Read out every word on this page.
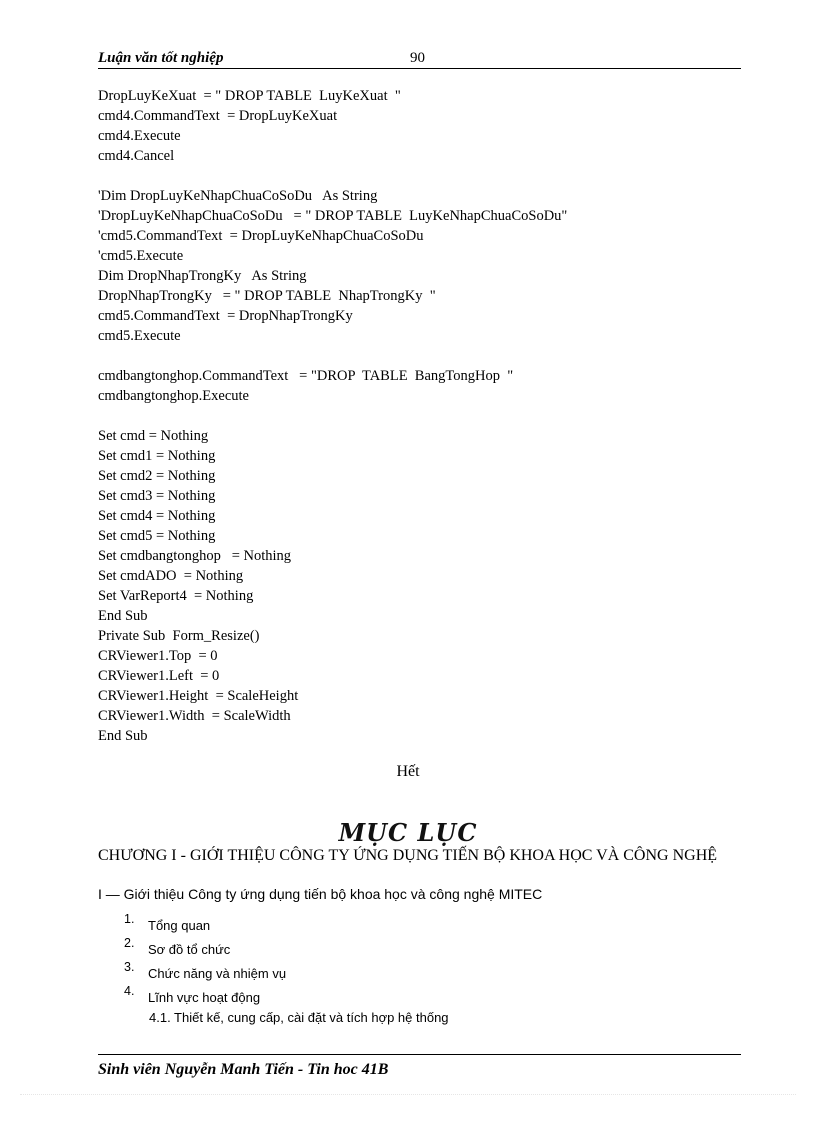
Luận văn tốt nghiệp	90
DropLuyKeXuat  = " DROP TABLE  LuyKeXuat  "
cmd4.CommandText  = DropLuyKeXuat
cmd4.Execute
cmd4.Cancel
'Dim DropLuyKeNhapChuaCoSoDu   As String
'DropLuyKeNhapChuaCoSoDu   = " DROP TABLE  LuyKeNhapChuaCoSoDu"
'cmd5.CommandText  = DropLuyKeNhapChuaCoSoDu
'cmd5.Execute
Dim DropNhapTrongKy   As String
DropNhapTrongKy   = " DROP TABLE  NhapTrongKy  "
cmd5.CommandText  = DropNhapTrongKy
cmd5.Execute
cmdbangtonghop.CommandText   = "DROP  TABLE  BangTongHop  "
cmdbangtonghop.Execute
Set cmd = Nothing
Set cmd1 = Nothing
Set cmd2 = Nothing
Set cmd3 = Nothing
Set cmd4 = Nothing
Set cmd5 = Nothing
Set cmdbangtonghop   = Nothing
Set cmdADO  = Nothing
Set VarReport4  = Nothing
End Sub
Private Sub  Form_Resize()
CRViewer1.Top  = 0
CRViewer1.Left  = 0
CRViewer1.Height  = ScaleHeight
CRViewer1.Width  = ScaleWidth
End Sub
Hết
MỤC LỤC
CHƯƠNG I - GIỚI THIỆU CÔNG TY ỨNG DỤNG TIẾN BỘ KHOA HỌC VÀ CÔNG NGHỆ
I — Giới thiệu Công ty ứng dụng tiến bộ khoa học và công nghệ MITEC
1. Tổng quan
2. Sơ đồ tổ chức
3. Chức năng và nhiệm vụ
4. Lĩnh vực hoạt động
4.1. Thiết kế, cung cấp, cài đặt và tích hợp hệ thống
Sinh viên Nguyễn Manh Tiến - Tin hoc 41B
